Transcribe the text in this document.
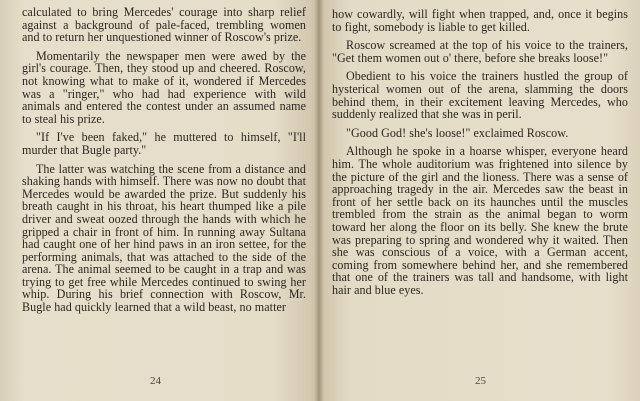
calculated to bring Mercedes' courage into sharp relief against a background of pale-faced, trembling women and to return her unquestioned winner of Roscow's prize.

Momentarily the newspaper men were awed by the girl's courage. Then, they stood up and cheered. Roscow, not knowing what to make of it, wondered if Mercedes was a "ringer," who had had experience with wild animals and entered the contest under an assumed name to steal his prize.

"If I've been faked," he muttered to himself, "I'll murder that Bugle party."

The latter was watching the scene from a distance and shaking hands with himself. There was now no doubt that Mercedes would be awarded the prize. But suddenly his breath caught in his throat, his heart thumped like a pile driver and sweat oozed through the hands with which he gripped a chair in front of him. In running away Sultana had caught one of her hind paws in an iron settee, for the performing animals, that was attached to the side of the arena. The animal seemed to be caught in a trap and was trying to get free while Mercedes continued to swing her whip. During his brief connection with Roscow, Mr. Bugle had quickly learned that a wild beast, no matter

24

how cowardly, will fight when trapped, and, once it begins to fight, somebody is liable to get killed.

Roscow screamed at the top of his voice to the trainers, "Get them women out o' there, before she breaks loose!"

Obedient to his voice the trainers hustled the group of hysterical women out of the arena, slamming the doors behind them, in their excitement leaving Mercedes, who suddenly realized that she was in peril.

"Good God! she's loose!" exclaimed Roscow.

Although he spoke in a hoarse whisper, everyone heard him. The whole auditorium was frightened into silence by the picture of the girl and the lioness. There was a sense of approaching tragedy in the air. Mercedes saw the beast in front of her settle back on its haunches until the muscles trembled from the strain as the animal began to worm toward her along the floor on its belly. She knew the brute was preparing to spring and wondered why it waited. Then she was conscious of a voice, with a German accent, coming from somewhere behind her, and she remembered that one of the trainers was tall and handsome, with light hair and blue eyes.

25
